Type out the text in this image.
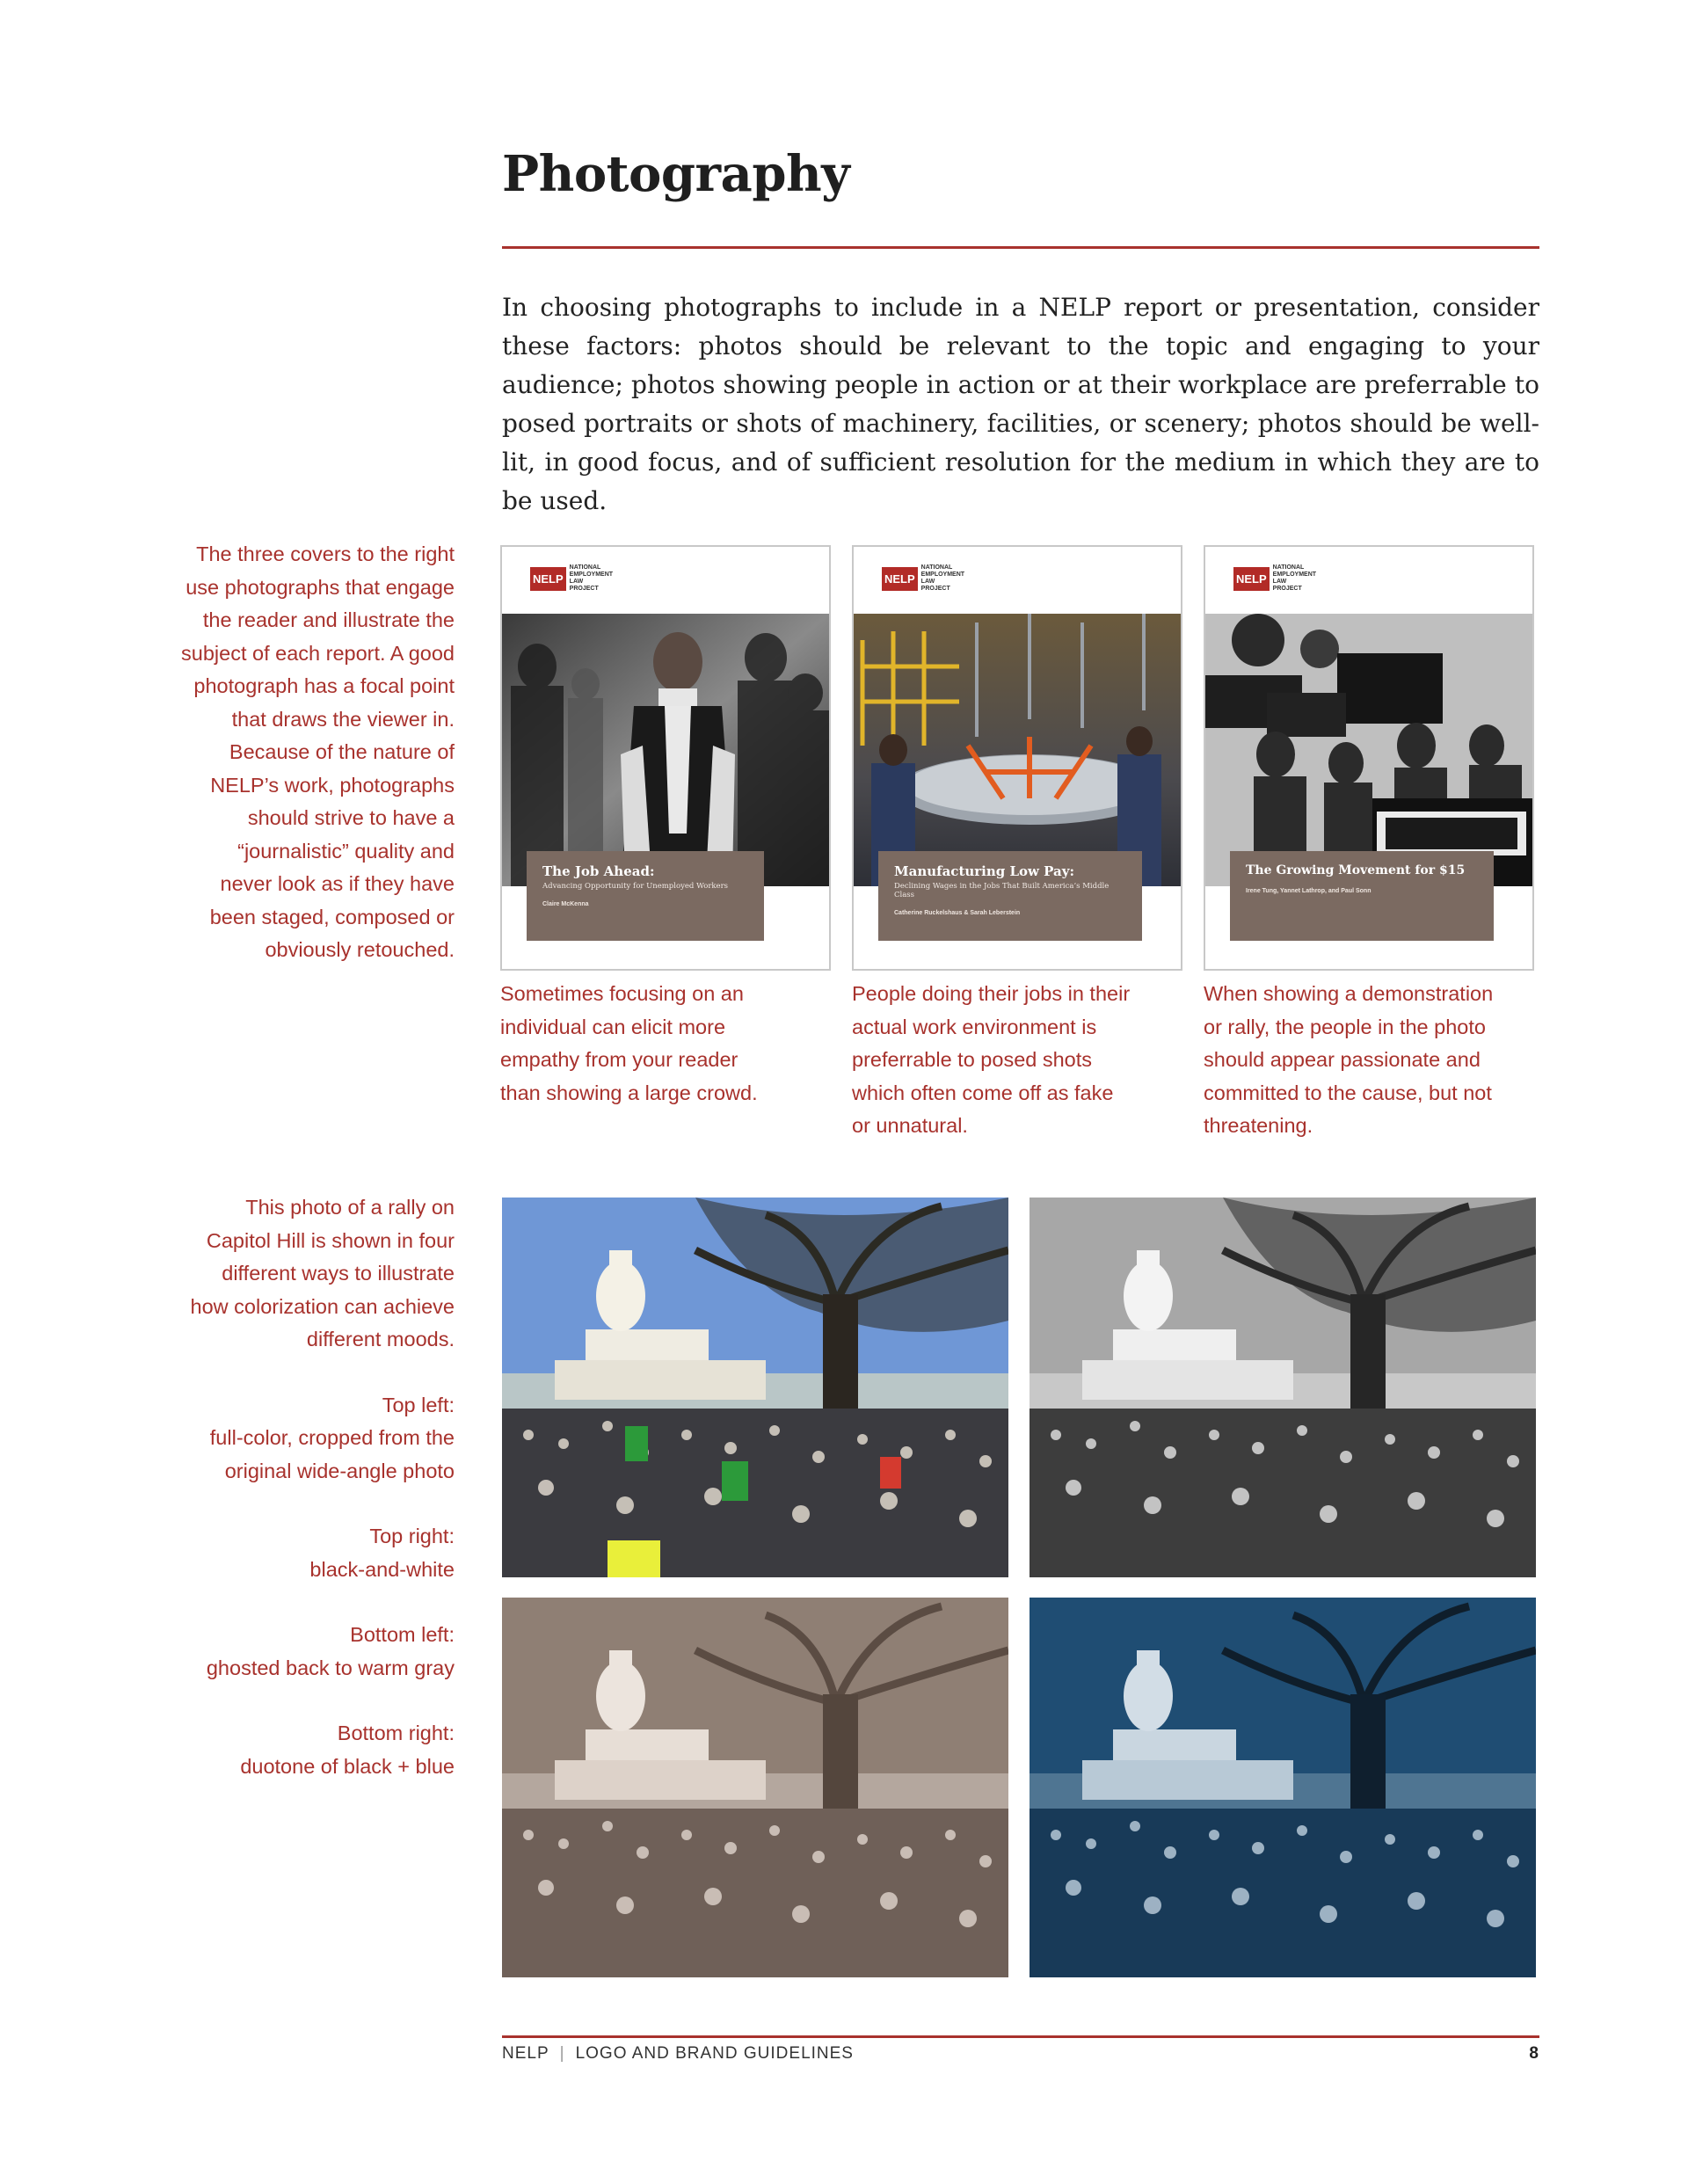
Photography

In choosing photographs to include in a NELP report or presentation, consider these factors: photos should be relevant to the topic and engaging to your audience; photos showing people in action or at their workplace are preferrable to posed portraits or shots of machinery, facilities, or scenery; photos should be well-lit, in good focus, and of sufficient resolution for the medium in which they are to be used.

The three covers to the right

use photographs that engage

the reader and illustrate the

subject of each report. A good

photograph has a focal point

that draws the viewer in.

Because of the nature of

NELP’s work, photographs

should strive to have a

“journalistic” quality and

never look as if they have

been staged, composed or

obviously retouched.

NELP
NATIONAL
EMPLOYMENT
LAW
PROJECT
The Job Ahead:
Advancing Opportunity for Unemployed Workers
Claire McKenna
NELP
NATIONAL
EMPLOYMENT
LAW
PROJECT
Manufacturing Low Pay:
Declining Wages in the Jobs That Built America’s Middle Class
Catherine Ruckelshaus & Sarah Leberstein
NELP
NATIONAL
EMPLOYMENT
LAW
PROJECT
The Growing Movement for $15
Irene Tung, Yannet Lathrop, and Paul Sonn
Sometimes focusing on an
individual can elicit more
empathy from your reader
than showing a large crowd.
People doing their jobs in their
actual work environment is
preferrable to posed shots
which often come off as fake
or unnatural.
When showing a demonstration
or rally, the people in the photo
should appear passionate and
committed to the cause, but not
threatening.

This photo of a rally on

Capitol Hill is shown in four

different ways to illustrate

how colorization can achieve

different moods.

Top left:

full-color, cropped from the

original wide-angle photo

Top right:

black-and-white

Bottom left:

ghosted back to warm gray

Bottom right:

duotone of black + blue

NELP | LOGO AND BRAND GUIDELINES	8
